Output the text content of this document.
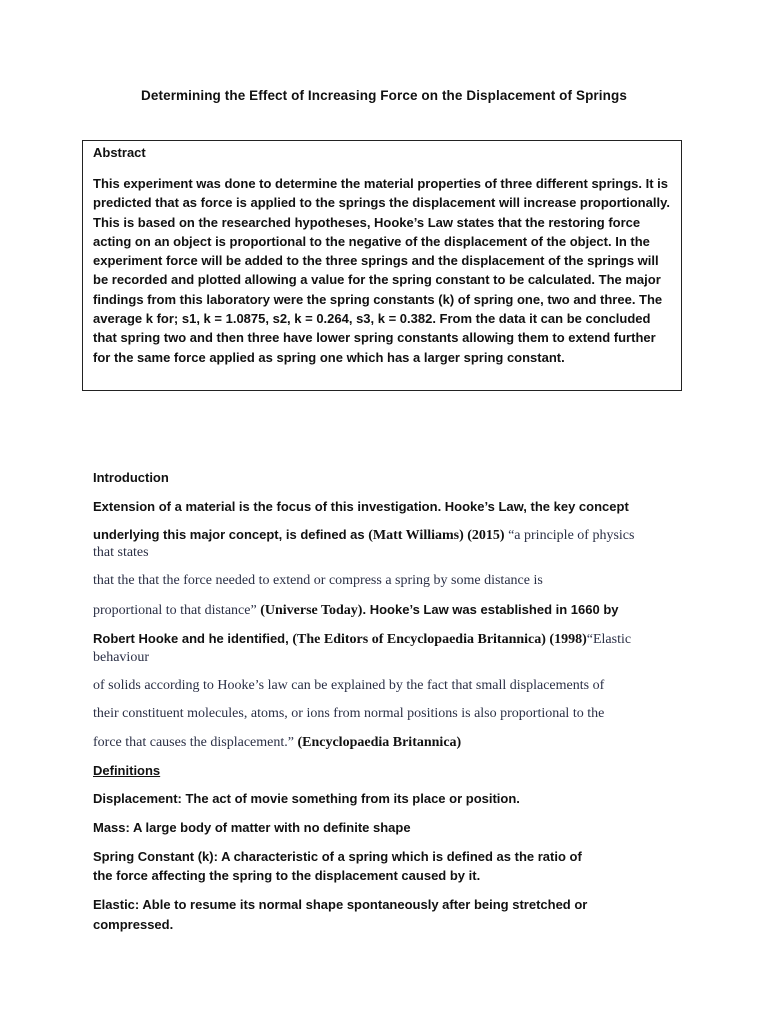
Determining the Effect of Increasing Force on the Displacement of Springs
Abstract
This experiment was done to determine the material properties of three different springs. It is predicted that as force is applied to the springs the displacement will increase proportionally. This is based on the researched hypotheses, Hooke’s Law states that the restoring force acting on an object is proportional to the negative of the displacement of the object. In the experiment force will be added to the three springs and the displacement of the springs will be recorded and plotted allowing a value for the spring constant to be calculated. The major findings from this laboratory were the spring constants (k) of spring one, two and three. The average k for; s1, k = 1.0875, s2, k = 0.264, s3, k = 0.382. From the data it can be concluded that spring two and then three have lower spring constants allowing them to extend further for the same force applied as spring one which has a larger spring constant.
Introduction
Extension of a material is the focus of this investigation. Hooke’s Law, the key concept
underlying this major concept, is defined as (Matt Williams) (2015) “a principle of physics
that states
that the that the force needed to extend or compress a spring by some distance is
proportional to that distance” (Universe Today). Hooke’s Law was established in 1660 by
Robert Hooke and he identified, (The Editors of Encyclopaedia Britannica) (1998)“Elastic
behaviour
of solids according to Hooke’s law can be explained by the fact that small displacements of
their constituent molecules, atoms, or ions from normal positions is also proportional to the
force that causes the displacement.” (Encyclopaedia Britannica)
Definitions
Displacement: The act of movie something from its place or position.
Mass: A large body of matter with no definite shape
Spring Constant (k): A characteristic of a spring which is defined as the ratio of
the force affecting the spring to the displacement caused by it.
Elastic: Able to resume its normal shape spontaneously after being stretched or
compressed.
